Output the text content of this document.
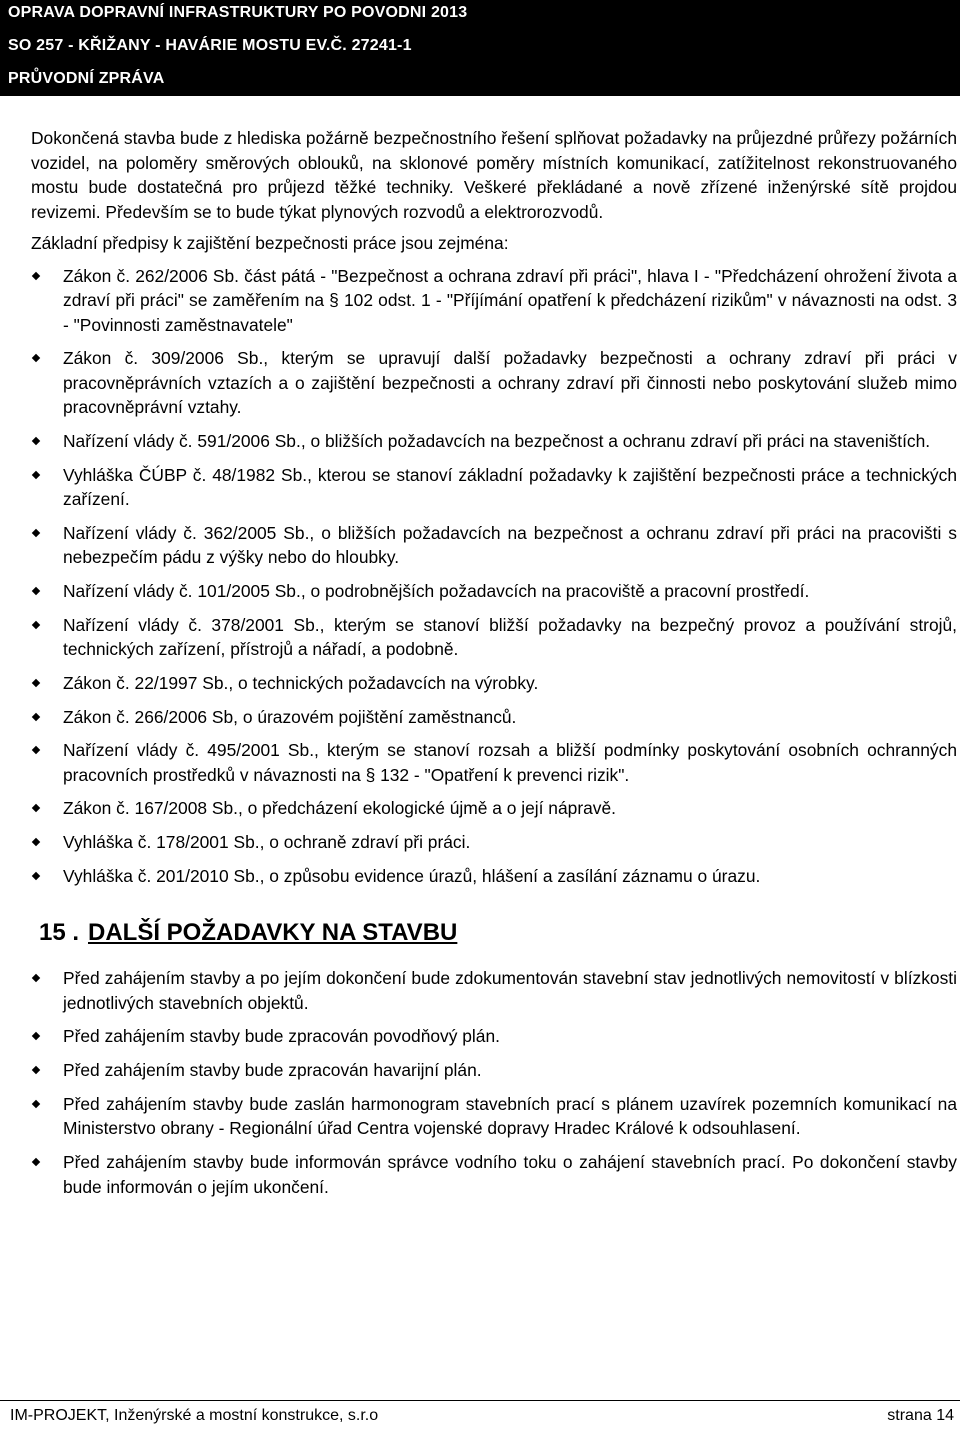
OPRAVA DOPRAVNÍ INFRASTRUKTURY PO POVODNI 2013
SO 257 - KŘIŽANY - HAVÁRIE MOSTU EV.Č. 27241-1
PRŮVODNÍ ZPRÁVA

Dokončená stavba bude z hlediska požárně bezpečnostního řešení splňovat požadavky na průjezdné průřezy požárních vozidel, na poloměry směrových oblouků, na sklonové poměry místních komunikací, zatížitelnost rekonstruovaného mostu bude dostatečná pro průjezd těžké techniky. Veškeré překládané a nově zřízené inženýrské sítě projdou revizemi. Především se to bude týkat plynových rozvodů a elektrorozvodů.

Základní předpisy k zajištění bezpečnosti práce jsou zejména:

Zákon č. 262/2006 Sb. část pátá - "Bezpečnost a ochrana zdraví při práci", hlava I - "Předcházení ohrožení života a zdraví při práci" se zaměřením na § 102 odst. 1 - "Příjímání opatření k předcházení rizikům" v návaznosti na odst. 3 - "Povinnosti zaměstnavatele"
Zákon č. 309/2006 Sb., kterým se upravují další požadavky bezpečnosti a ochrany zdraví při práci v pracovněprávních vztazích a o zajištění bezpečnosti a ochrany zdraví při činnosti nebo poskytování služeb mimo pracovněprávní vztahy.
Nařízení vlády č. 591/2006 Sb., o bližších požadavcích na bezpečnost a ochranu zdraví při práci na staveništích.
Vyhláška ČÚBP č. 48/1982 Sb., kterou se stanoví základní požadavky k zajištění bezpečnosti práce a technických zařízení.
Nařízení vlády č. 362/2005 Sb., o bližších požadavcích na bezpečnost a ochranu zdraví při práci na pracovišti s nebezpečím pádu z výšky nebo do hloubky.
Nařízení vlády č. 101/2005 Sb., o podrobnějších požadavcích na pracoviště a pracovní prostředí.
Nařízení vlády č. 378/2001 Sb., kterým se stanoví bližší požadavky na bezpečný provoz a používání strojů, technických zařízení, přístrojů a nářadí, a podobně.
Zákon č. 22/1997 Sb., o technických požadavcích na výrobky.
Zákon č. 266/2006 Sb, o úrazovém pojištění zaměstnanců.
Nařízení vlády č. 495/2001 Sb., kterým se stanoví rozsah a bližší podmínky poskytování osobních ochranných pracovních prostředků v návaznosti na § 132 - "Opatření k prevenci rizik".
Zákon č. 167/2008 Sb., o předcházení ekologické újmě a o její nápravě.
Vyhláška č. 178/2001 Sb., o ochraně zdraví při práci.
Vyhláška č. 201/2010 Sb., o způsobu evidence úrazů, hlášení a zasílání záznamu o úrazu.
15 . DALŠÍ POŽADAVKY NA STAVBU
Před zahájením stavby a po jejím dokončení bude zdokumentován stavební stav jednotlivých nemovitostí v blízkosti jednotlivých stavebních objektů.
Před zahájením stavby bude zpracován povodňový plán.
Před zahájením stavby bude zpracován havarijní plán.
Před zahájením stavby bude zaslán harmonogram stavebních prací s plánem uzavírek pozemních komunikací na Ministerstvo obrany - Regionální úřad Centra vojenské dopravy Hradec Králové k odsouhlasení.
Před zahájením stavby bude informován správce vodního toku o zahájení stavebních prací. Po dokončení stavby bude informován o jejím ukončení.
IM-PROJEKT, Inženýrské a mostní konstrukce, s.r.o	strana 14
